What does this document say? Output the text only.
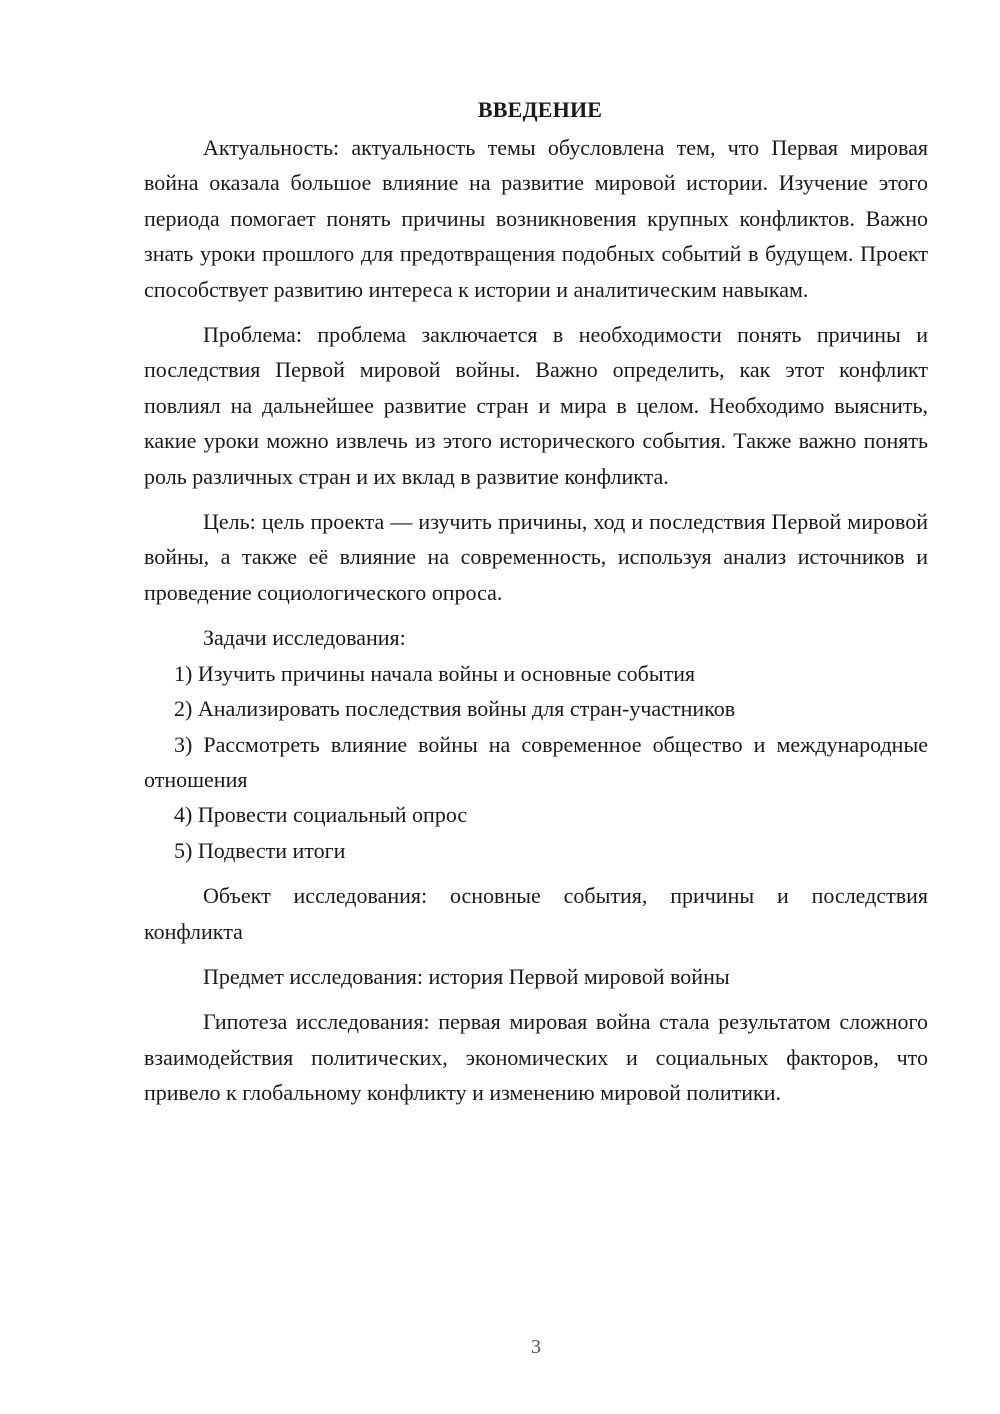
ВВЕДЕНИЕ

Актуальность: актуальность темы обусловлена тем, что Первая мировая война оказала большое влияние на развитие мировой истории. Изучение этого периода помогает понять причины возникновения крупных конфликтов. Важно знать уроки прошлого для предотвращения подобных событий в будущем. Проект способствует развитию интереса к истории и аналитическим навыкам.

Проблема: проблема заключается в необходимости понять причины и последствия Первой мировой войны. Важно определить, как этот конфликт повлиял на дальнейшее развитие стран и мира в целом. Необходимо выяснить, какие уроки можно извлечь из этого исторического события. Также важно понять роль различных стран и их вклад в развитие конфликта.

Цель: цель проекта — изучить причины, ход и последствия Первой мировой войны, а также её влияние на современность, используя анализ источников и проведение социологического опроса.

Задачи исследования:

1) Изучить причины начала войны и основные события

2) Анализировать последствия войны для стран-участников

3) Рассмотреть влияние войны на современное общество и международные отношения

4) Провести социальный опрос

5) Подвести итоги

Объект исследования: основные события, причины и последствия конфликта

Предмет исследования: история Первой мировой войны

Гипотеза исследования: первая мировая война стала результатом сложного взаимодействия политических, экономических и социальных факторов, что привело к глобальному конфликту и изменению мировой политики.

3
